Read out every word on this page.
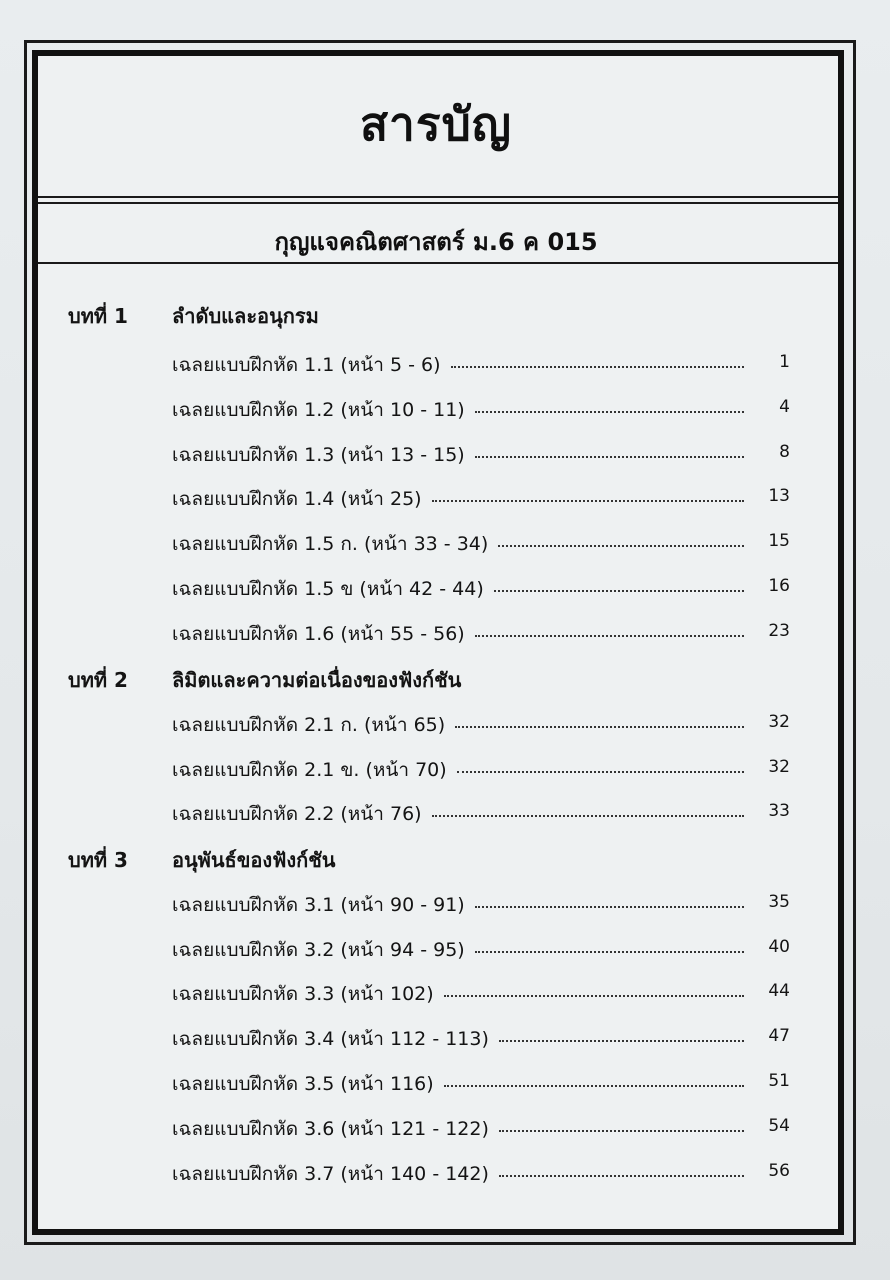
สารบัญ
กุญแจคณิตศาสตร์ ม.6 ค 015
บทที่ 1	ลำดับและอนุกรม
เฉลยแบบฝึกหัด 1.1 (หน้า 5 - 6)	1
เฉลยแบบฝึกหัด 1.2 (หน้า 10 - 11)	4
เฉลยแบบฝึกหัด 1.3 (หน้า 13 - 15)	8
เฉลยแบบฝึกหัด 1.4 (หน้า 25)	13
เฉลยแบบฝึกหัด 1.5 ก. (หน้า 33 - 34)	15
เฉลยแบบฝึกหัด 1.5 ข (หน้า 42 - 44)	16
เฉลยแบบฝึกหัด 1.6 (หน้า 55 - 56)	23
บทที่ 2	ลิมิตและความต่อเนื่องของฟังก์ชัน
เฉลยแบบฝึกหัด 2.1 ก. (หน้า 65)	32
เฉลยแบบฝึกหัด 2.1 ข. (หน้า 70)	32
เฉลยแบบฝึกหัด 2.2 (หน้า 76)	33
บทที่ 3	อนุพันธ์ของฟังก์ชัน
เฉลยแบบฝึกหัด 3.1 (หน้า 90 - 91)	35
เฉลยแบบฝึกหัด 3.2 (หน้า 94 - 95)	40
เฉลยแบบฝึกหัด 3.3 (หน้า 102)	44
เฉลยแบบฝึกหัด 3.4 (หน้า 112 - 113)	47
เฉลยแบบฝึกหัด 3.5 (หน้า 116)	51
เฉลยแบบฝึกหัด 3.6 (หน้า 121 - 122)	54
เฉลยแบบฝึกหัด 3.7 (หน้า 140 - 142)	56
